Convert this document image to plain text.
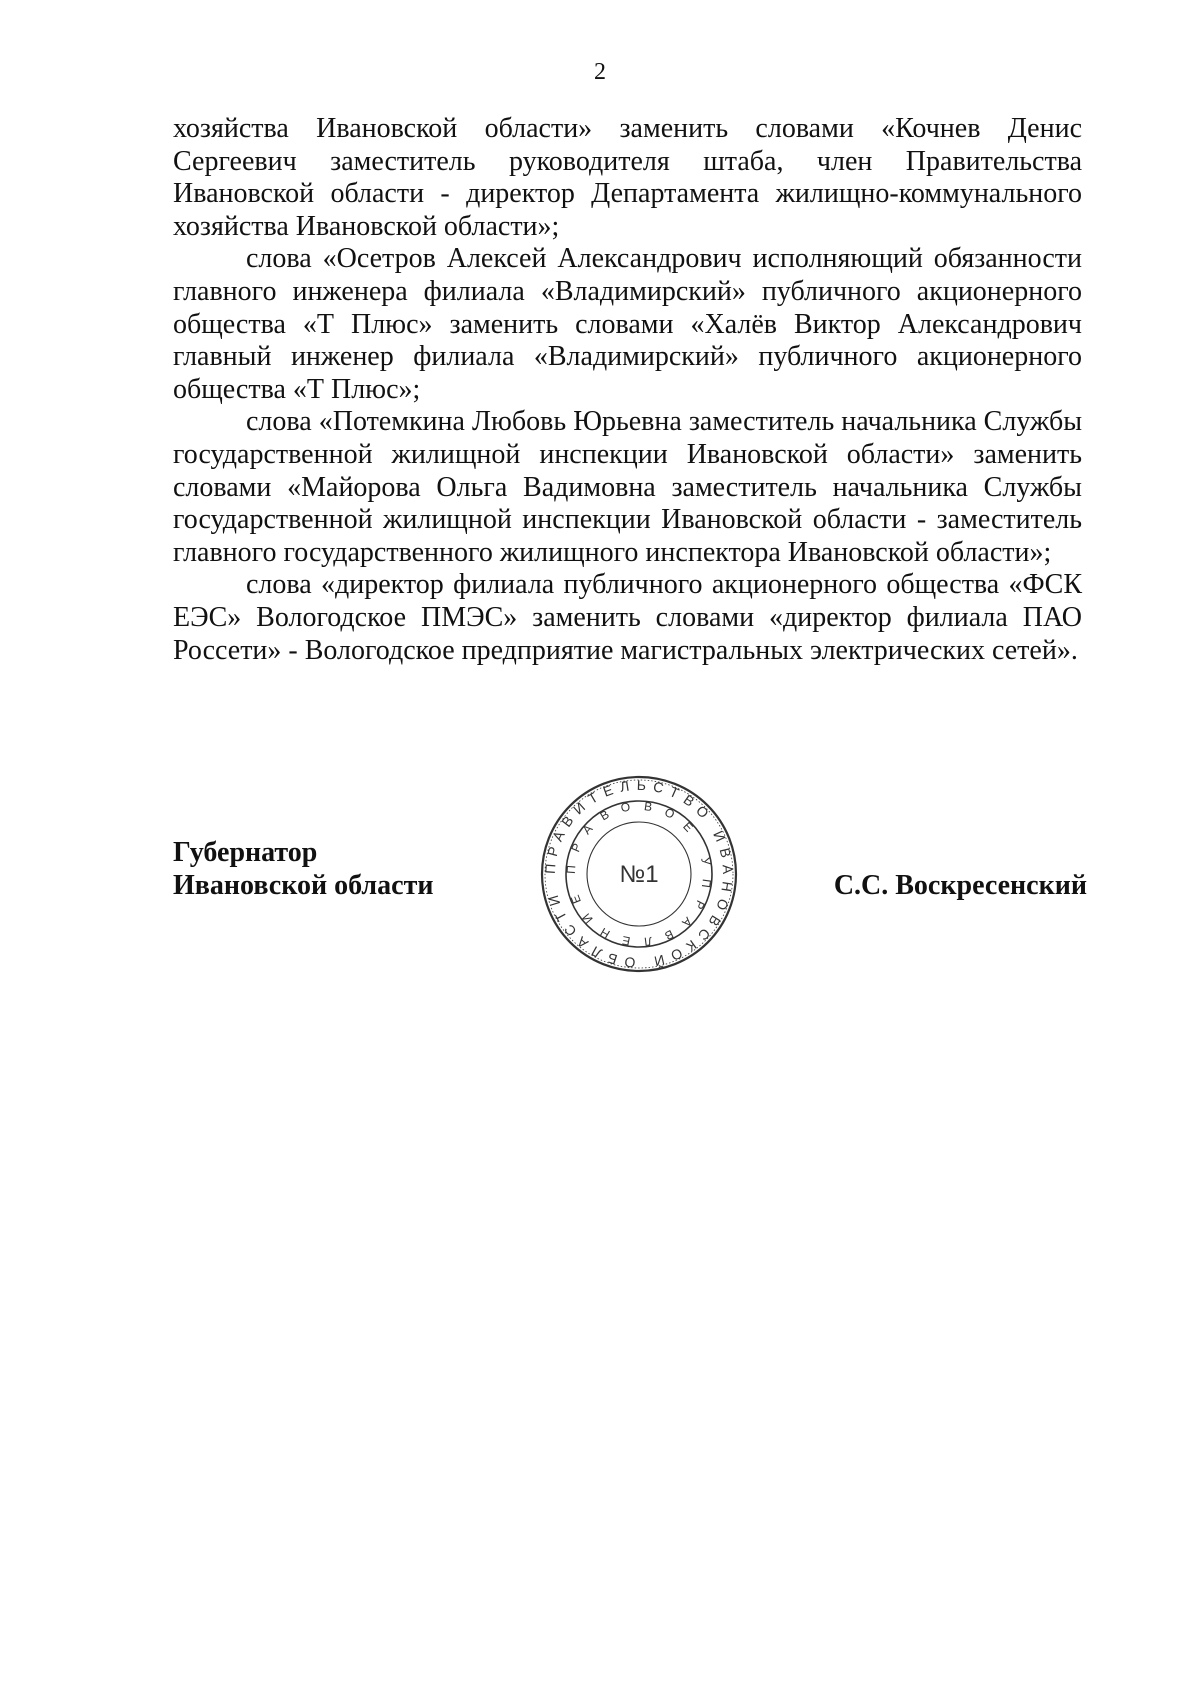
2

хозяйства Ивановской области» заменить словами «Кочнев Денис Сергеевич заместитель руководителя штаба, член Правительства Ивановской области - директор Департамента жилищно-коммунального хозяйства Ивановской области»;

слова «Осетров Алексей Александрович исполняющий обязанности главного инженера филиала «Владимирский» публичного акционерного общества «Т Плюс» заменить словами «Халёв Виктор Александрович главный инженер филиала «Владимирский» публичного акционерного общества «Т Плюс»;

слова «Потемкина Любовь Юрьевна заместитель начальника Службы государственной жилищной инспекции Ивановской области» заменить словами «Майорова Ольга Вадимовна заместитель начальника Службы государственной жилищной инспекции Ивановской области - заместитель главного государственного жилищного инспектора Ивановской области»;

слова «директор филиала публичного акционерного общества «ФСК ЕЭС» Вологодское ПМЭС» заменить словами «директор филиала ПАО Россети» - Вологодское предприятие магистральных электрических сетей».

Губернатор
Ивановской области
ПРАВИТЕЛЬСТВО ИВАНОВСКОЙ ОБЛАСТИ
ПРАВОВОЕ УПРАВЛЕНИЕ
№1	С.С. Воскресенский
